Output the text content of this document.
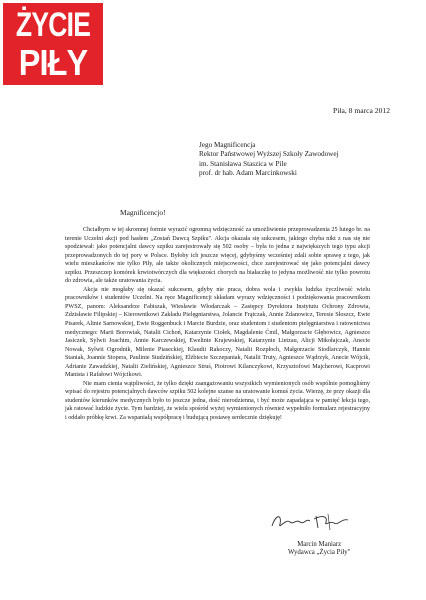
ŻYCIE
PIŁY
Piła, 8 marca 2012
Jego Magnificencja
Rektor Państwowej Wyższej Szkoły Zawodowej
im. Stanisława Staszica w Pile
prof. dr hab. Adam Marcinkowski
Magnificencjo!

Chciałbym w tej skromnej formie wyrazić ogromną wdzięczność za umożliwienie przeprowadzenia 25 lutego br. na terenie Uczelni akcji pod hasłem „Zostań Dawcą Szpiku". Akcja okazała się sukcesem, jakiego chyba nikt z nas się nie spodziewał: jako potencjalni dawcy szpiku zarejestrowały się 502 osoby – była to jedna z największych tego typu akcji przeprowadzonych do tej pory w Polsce. Byłoby ich jeszcze więcej, gdybyśmy wcześniej zdali sobie sprawę z tego, jak wielu mieszkańców nie tylko Piły, ale także okolicznych miejscowości, chce zarejestrować się jako potencjalni dawcy szpiku. Przeszczep komórek krwiotwórczych dla większości chorych na białaczkę to jedyna możliwość nie tylko powrotu do zdrowia, ale także uratowania życia.

Akcja nie mogłaby się okazać sukcesem, gdyby nie praca, dobra wola i zwykła ludzka życzliwość wielu pracowników i studentów Uczelni. Na ręce Magnificencji składam wyrazy wdzięczności i podziękowania pracownikom PWSZ, panom: Aleksandrze Fabiszak, Wiesławie Włodarczak – Zastępcy Dyrektora Instytutu Ochrony Zdrowia, Zdzisławie Filipskiej – Kierownikowi Zakładu Pielęgniarstwa, Jolancie Frątczak, Annie Żdanowicz, Teresie Słoszcz, Ewie Pisarek, Alinie Sarnowskiej, Ewie Roggenbuck i Marcie Burdzie, oraz studentom i studentom pielęgniarstwa i ratownictwa medycznego: Marii Borowiak, Natalii Cichoń, Katarzynie Ciołek, Magdalenie Ćmil, Małgorzacie Głębowicz, Agnieszce Jasiczek, Sylwii Joachim, Annie Karczewskiej, Ewelinie Krajewskiej, Katarzynie Lietzau, Alicji Mikołajczak, Anecie Nowak, Sylwii Ogrodnik, Milenie Piaseckiej, Klaudii Rakoczy, Natalii Rozpłoch, Małgorzacie Siodlarczyk, Hannie Staniak, Joannie Stopera, Paulinie Studzińskiej, Elżbiecie Szczepaniak, Natalii Truty, Agnieszce Wądrzyk, Anecie Wójcik, Adrianie Zawadzkiej, Natalii Zielińskiej, Agnieszce Struś, Piotrowi Kilanczykowi, Krzysztofowi Majcherowi, Kacprowi Manista i Rafałowi Wójcikowi.

Nie mam cienia wątpliwości, że tylko dzięki zaangażowaniu wszystkich wymienionych osób wspólnie pomogliśmy wpisać do rejestru potencjalnych dawców szpiku 502 kolejne szanse na uratowanie komuś życia. Wierzę, że przy okazji dla studentów kierunków medycznych było to jeszcze jedna, dość nierodzienna, i być może zapadająca w pamięć lekcja tego, jak ratować ludzkie życie. Tym bardziej, że wielu spośród wyżej wymienionych również wypełniło formularz rejestracyjny i oddało próbkę krwi. Za wspaniałą współpracę i budującą postawę serdecznie dziękuję!

Marcin Maniarz
Wydawca „Życia Piły"
